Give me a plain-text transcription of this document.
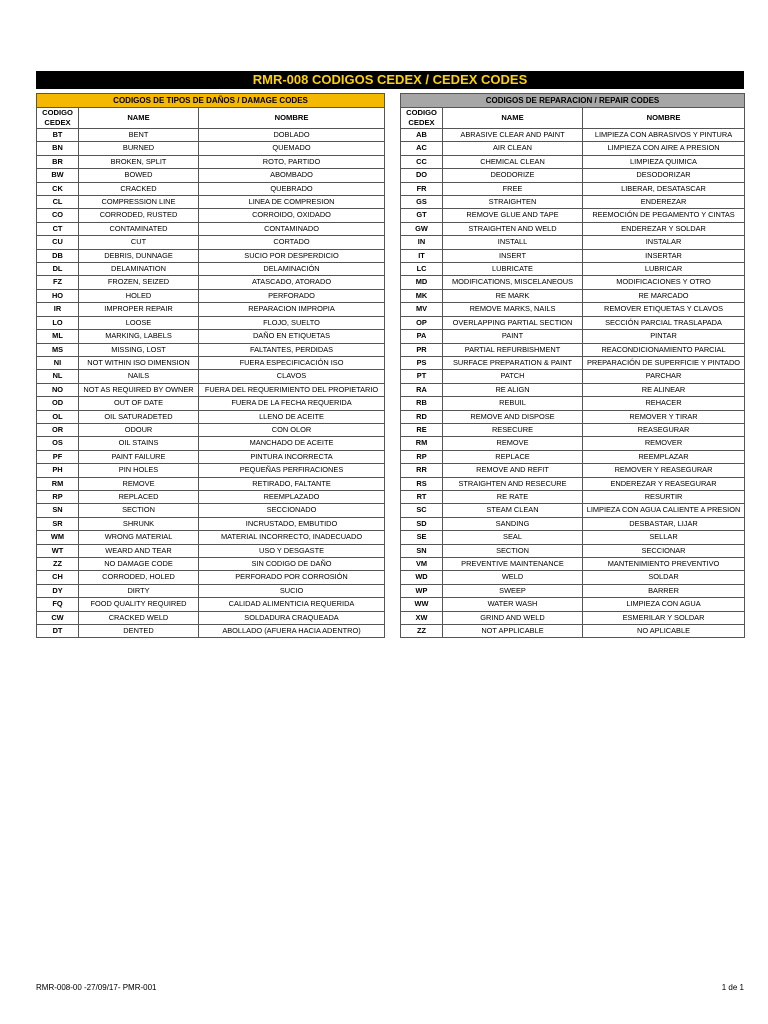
RMR-008 CODIGOS CEDEX / CEDEX CODES
CODIGOS DE TIPOS DE DAÑOS / DAMAGE CODES		
CODIGO
CEDEX	NAME	NOMBRE
BT	BENT	DOBLADO
BN	BURNED	QUEMADO
BR	BROKEN, SPLIT	ROTO, PARTIDO
BW	BOWED	ABOMBADO
CK	CRACKED	QUEBRADO
CL	COMPRESSION LINE	LINEA DE COMPRESION
CO	CORRODED, RUSTED	CORROIDO, OXIDADO
CT	CONTAMINATED	CONTAMINADO
CU	CUT	CORTADO
DB	DEBRIS, DUNNAGE	SUCIO POR DESPERDICIO
DL	DELAMINATION	DELAMINACIÓN
FZ	FROZEN, SEIZED	ATASCADO, ATORADO
HO	HOLED	PERFORADO
IR	IMPROPER REPAIR	REPARACION IMPROPIA
LO	LOOSE	FLOJO, SUELTO
ML	MARKING, LABELS	DAÑO EN ETIQUETAS
MS	MISSING, LOST	FALTANTES, PERDIDAS
NI	NOT WITHIN ISO DIMENSION	FUERA ESPECIFICACIÓN ISO
NL	NAILS	CLAVOS
NO	NOT AS REQUIRED BY OWNER	FUERA DEL REQUERIMIENTO DEL PROPIETARIO
OD	OUT OF DATE	FUERA DE LA FECHA REQUERIDA
OL	OIL SATURADETED	LLENO DE ACEITE
OR	ODOUR	CON OLOR
OS	OIL STAINS	MANCHADO DE ACEITE
PF	PAINT FAILURE	PINTURA INCORRECTA
PH	PIN HOLES	PEQUEÑAS PERFIRACIONES
RM	REMOVE	RETIRADO, FALTANTE
RP	REPLACED	REEMPLAZADO
SN	SECTION	SECCIONADO
SR	SHRUNK	INCRUSTADO, EMBUTIDO
WM	WRONG MATERIAL	MATERIAL INCORRECTO, INADECUADO
WT	WEARD AND TEAR	USO Y DESGASTE
ZZ	NO DAMAGE CODE	SIN CODIGO DE DAÑO
CH	CORRODED, HOLED	PERFORADO POR CORROSIÓN
DY	DIRTY	SUCIO
FQ	FOOD QUALITY REQUIRED	CALIDAD ALIMENTICIA REQUERIDA
CW	CRACKED WELD	SOLDADURA CRAQUEADA
DT	DENTED	ABOLLADO (AFUERA HACIA ADENTRO)
CODIGOS DE REPARACION / REPAIR CODES		
CODIGO
CEDEX	NAME	NOMBRE
AB	ABRASIVE CLEAR AND PAINT	LIMPIEZA CON ABRASIVOS Y PINTURA
AC	AIR CLEAN	LIMPIEZA CON AIRE A PRESION
CC	CHEMICAL CLEAN	LIMPIEZA QUIMICA
DO	DEODORIZE	DESODORIZAR
FR	FREE	LIBERAR, DESATASCAR
GS	STRAIGHTEN	ENDEREZAR
GT	REMOVE GLUE AND TAPE	REEMOCIÓN DE PEGAMENTO Y CINTAS
GW	STRAIGHTEN AND WELD	ENDEREZAR Y SOLDAR
IN	INSTALL	INSTALAR
IT	INSERT	INSERTAR
LC	LUBRICATE	LUBRICAR
MD	MODIFICATIONS, MISCELANEOUS	MODIFICACIONES Y OTRO
MK	RE MARK	RE MARCADO
MV	REMOVE MARKS, NAILS	REMOVER ETIQUETAS Y CLAVOS
OP	OVERLAPPING PARTIAL SECTION	SECCIÓN PARCIAL TRASLAPADA
PA	PAINT	PINTAR
PR	PARTIAL REFURBISHMENT	REACONDICIONAMIENTO PARCIAL
PS	SURFACE PREPARATION & PAINT	PREPARACIÓN DE SUPERFICIE Y PINTADO
PT	PATCH	PARCHAR
RA	RE ALIGN	RE ALINEAR
RB	REBUIL	REHACER
RD	REMOVE AND DISPOSE	REMOVER Y TIRAR
RE	RESECURE	REASEGURAR
RM	REMOVE	REMOVER
RP	REPLACE	REEMPLAZAR
RR	REMOVE AND REFIT	REMOVER Y REASEGURAR
RS	STRAIGHTEN AND RESECURE	ENDEREZAR Y REASEGURAR
RT	RE RATE	RESURTIR
SC	STEAM CLEAN	LIMPIEZA CON AGUA CALIENTE A PRESION
SD	SANDING	DESBASTAR, LIJAR
SE	SEAL	SELLAR
SN	SECTION	SECCIONAR
VM	PREVENTIVE MAINTENANCE	MANTENIMIENTO PREVENTIVO
WD	WELD	SOLDAR
WP	SWEEP	BARRER
WW	WATER WASH	LIMPIEZA CON AGUA
XW	GRIND AND WELD	ESMERILAR Y SOLDAR
ZZ	NOT APPLICABLE	NO APLICABLE
RMR-008-00 -27/09/17- PMR-001	1 de 1
